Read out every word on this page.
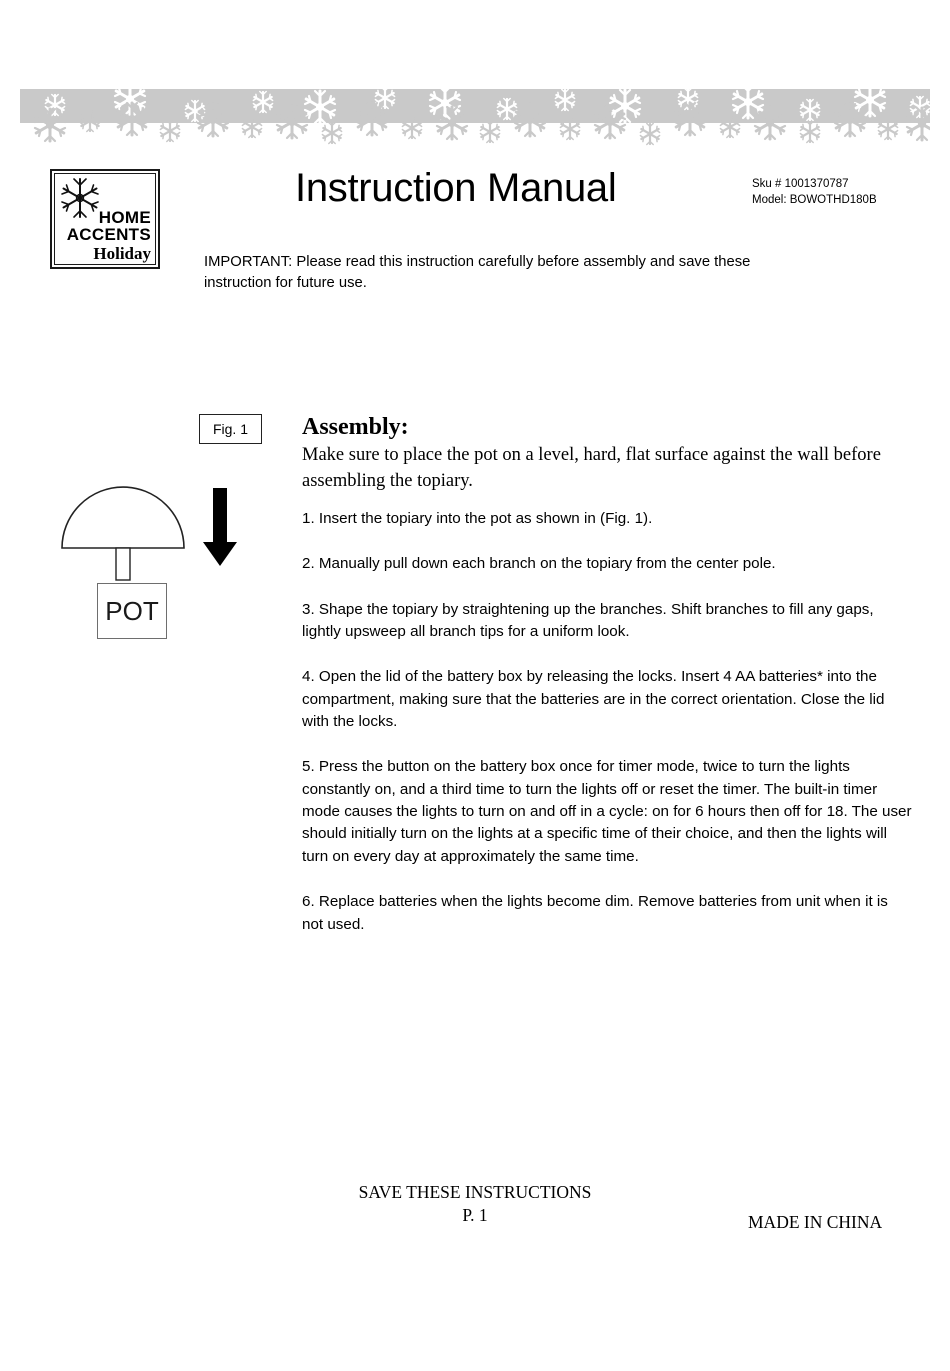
HOME
ACCENTS
Holiday
Instruction Manual	Sku # 1001370787
Model: BOWOTHD180B
IMPORTANT: Please read this instruction carefully before assembly and save these instruction for future use.
Fig. 1
POT
Assembly:
Make sure to place the pot on a level, hard, flat surface against the wall before assembling the topiary.
1. Insert the topiary into the pot as shown in (Fig. 1).
2. Manually pull down each branch on the topiary from the center pole.
3. Shape the topiary by straightening up the branches. Shift branches to fill any gaps, lightly upsweep all branch tips for a uniform look.
4. Open the lid of the battery box by releasing the locks. Insert 4 AA batteries* into the compartment, making sure that the batteries are in the correct orientation. Close the lid with the locks.
5. Press the button on the battery box once for timer mode, twice to turn the lights constantly on, and a third time to turn the lights off or reset the timer. The built-in timer mode causes the lights to turn on and off in a cycle: on for 6 hours then off for 18. The user should initially turn on the lights at a specific time of their choice, and then the lights will turn on every day at approximately the same time.
6. Replace batteries when the lights become dim. Remove batteries from unit when it is not used.
SAVE THESE INSTRUCTIONS
P. 1	MADE IN CHINA
